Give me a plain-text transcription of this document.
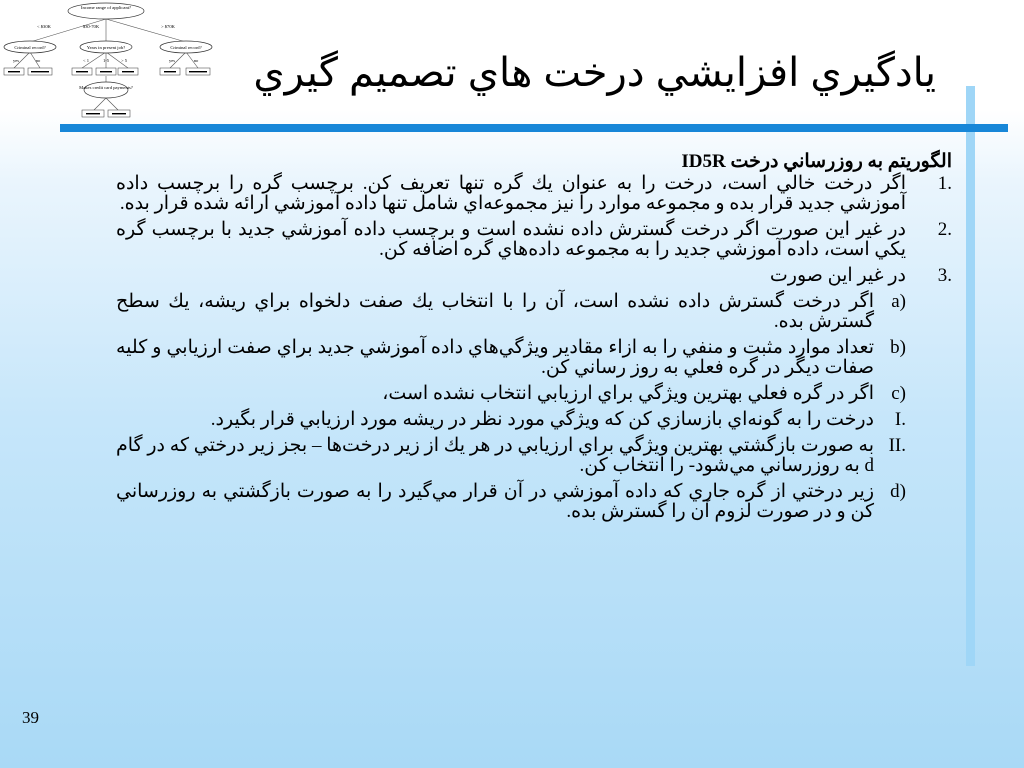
Income range of applicant?
< $30K	$30-70K	> $70K
Criminal record?	Years in present job?	Criminal record?
Makes credit card payments?
yes	no	< 1	1-5	> 5	yes	no يادگيري افزايشي درخت هاي تصميم گيري
الگوريتم به روزرساني درخت ID5R
1.
اگر درخت خالي است، درخت را به عنوان يك گره تنها تعريف كن. برچسب گره را برچسب داده آموزشي جديد قرار بده و مجموعه موارد را نيز مجموعه‌اي شامل تنها داده آموزشي ارائه شده قرار بده.
2.
در غير اين صورت اگر درخت گسترش داده نشده است و برچسب داده آموزشي جديد با برچسب گره يكي است، داده آموزشي جديد را به مجموعه داده‌هاي گره اضافه كن.
3.
در غير اين صورت
a)
اگر درخت گسترش داده نشده است، آن را با انتخاب يك صفت دلخواه براي ريشه، يك سطح گسترش بده.
b)
تعداد موارد مثبت و منفي را به ازاء مقادير ويژگي‌هاي داده آموزشي جديد براي صفت ارزيابي و كليه صفات ديگر در گره فعلي به روز رساني كن.
c)
اگر در گره فعلي بهترين ويژگي براي ارزيابي انتخاب نشده است،
I.
درخت را به گونه‌اي بازسازي كن كه ويژگي مورد نظر در ريشه مورد ارزيابي قرار بگيرد.
II.
به صورت بازگشتي بهترين ويژگي براي ارزيابي در هر يك از زير درخت‌ها – بجز زير درختي كه در گام d به روزرساني مي‌شود- را انتخاب كن.
d)
زير درختي از گره جاري كه داده آموزشي در آن قرار مي‌گيرد را به صورت بازگشتي به روزرساني كن و در صورت لزوم آن را گسترش بده.
39
